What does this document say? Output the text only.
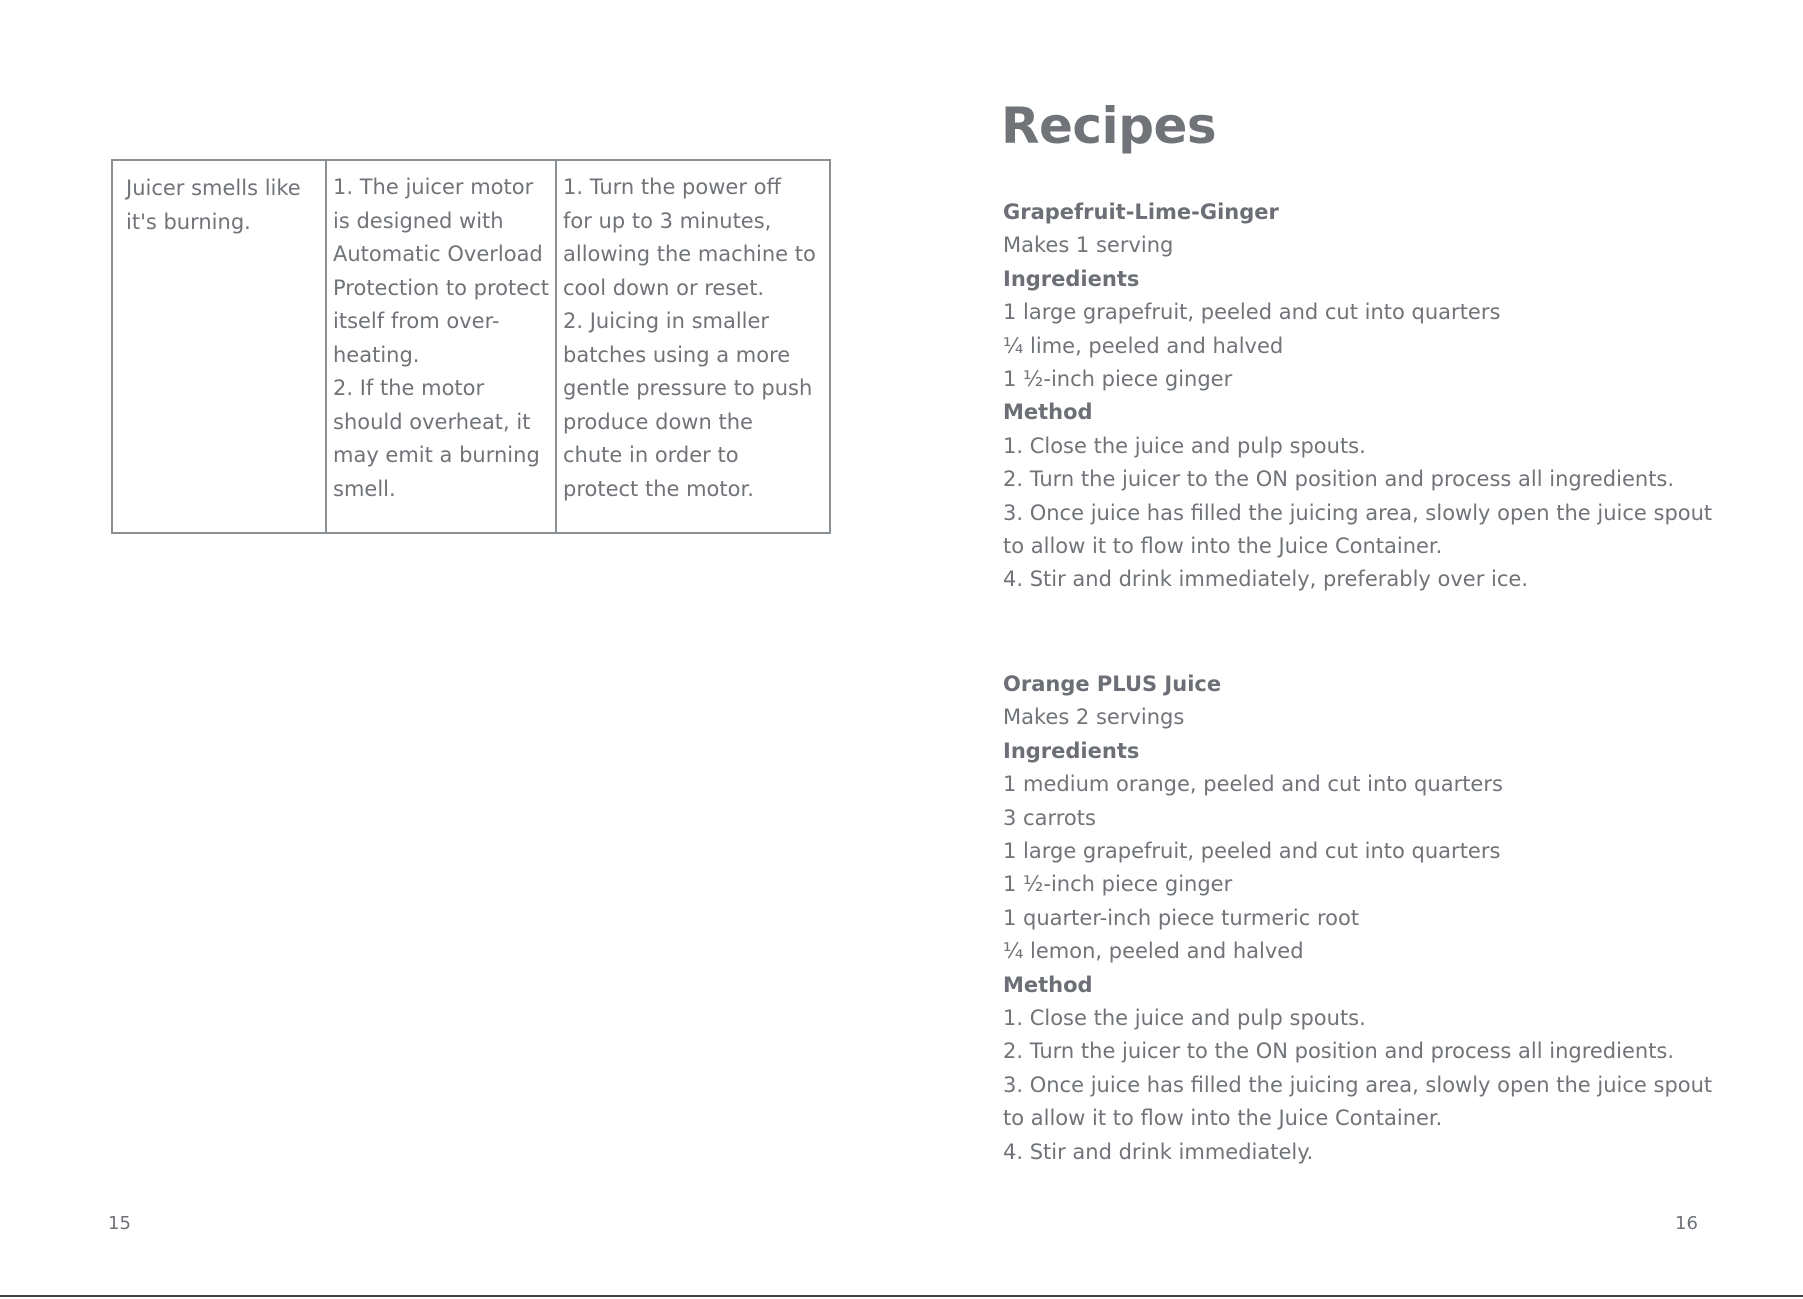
Juicer smells like
it's burning.

1. The juicer motor
is designed with
Automatic Overload
Protection to protect
itself from over-
heating.
2. If the motor
should overheat, it
may emit a burning
smell.

1. Turn the power off
for up to 3 minutes,
allowing the machine to
cool down or reset.
2. Juicing in smaller
batches using a more
gentle pressure to push
produce down the
chute in order to
protect the motor.
15
Recipes
Grapefruit-Lime-Ginger
Makes 1 serving
Ingredients
1 large grapefruit, peeled and cut into quarters
¼ lime, peeled and halved
1 ½-inch piece ginger
Method
1. Close the juice and pulp spouts.
2. Turn the juicer to the ON position and process all ingredients.
3. Once juice has filled the juicing area, slowly open the juice spout
to allow it to flow into the Juice Container.
4. Stir and drink immediately, preferably over ice.
Orange PLUS Juice
Makes 2 servings
Ingredients
1 medium orange, peeled and cut into quarters
3 carrots
1 large grapefruit, peeled and cut into quarters
1 ½-inch piece ginger
1 quarter-inch piece turmeric root
¼ lemon, peeled and halved
Method
1. Close the juice and pulp spouts.
2. Turn the juicer to the ON position and process all ingredients.
3. Once juice has filled the juicing area, slowly open the juice spout
to allow it to flow into the Juice Container.
4. Stir and drink immediately.
16
